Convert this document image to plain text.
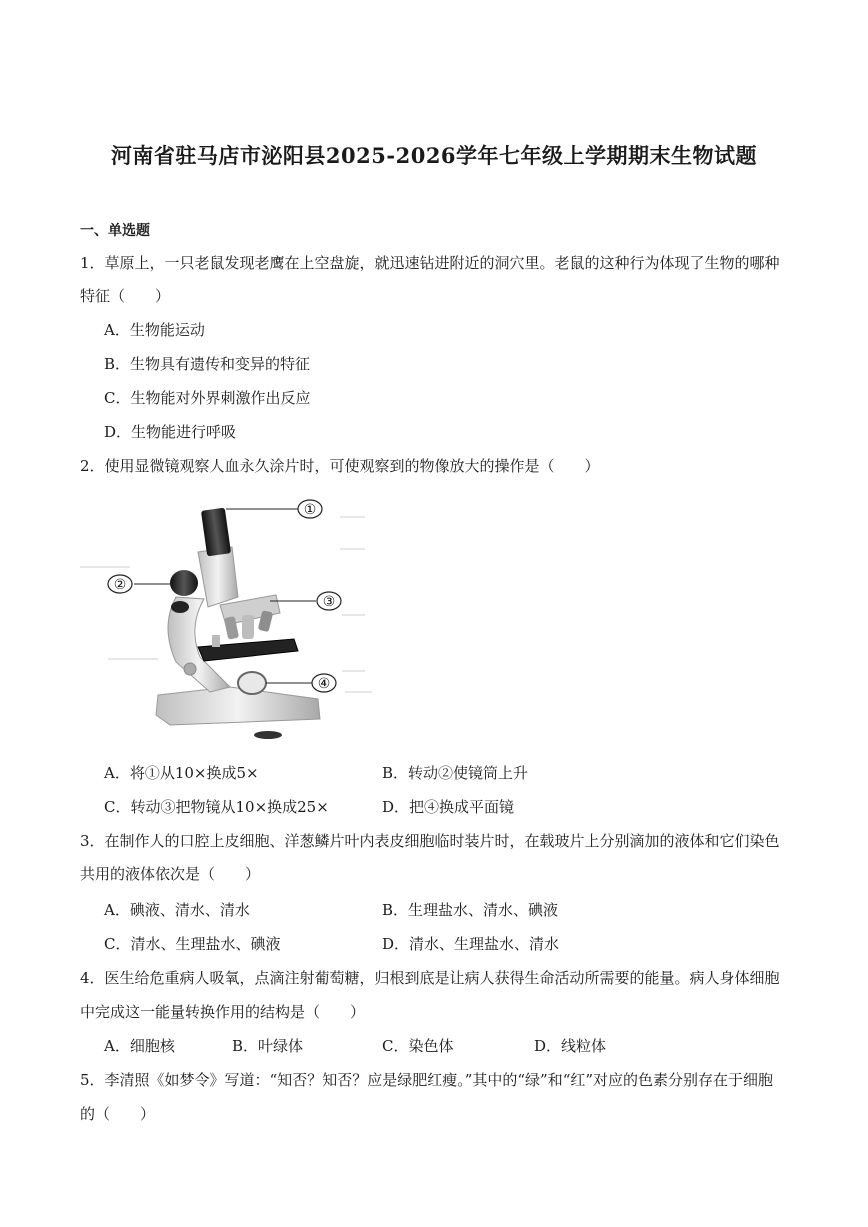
河南省驻马店市泌阳县2025-2026学年七年级上学期期末生物试题
一、单选题
1．草原上，一只老鼠发现老鹰在上空盘旋，就迅速钻进附近的洞穴里。老鼠的这种行为体现了生物的哪种
特征（　　）
A．生物能运动
B．生物具有遗传和变异的特征
C．生物能对外界刺激作出反应
D．生物能进行呼吸
2．使用显微镜观察人血永久涂片时，可使观察到的物像放大的操作是（　　）
①
②
③
④
A．将①从10×换成5×	B．转动②使镜筒上升
C．转动③把物镜从10×换成25×	D．把④换成平面镜
3．在制作人的口腔上皮细胞、洋葱鳞片叶内表皮细胞临时装片时，在载玻片上分别滴加的液体和它们染色
共用的液体依次是（　　）
A．碘液、清水、清水	B．生理盐水、清水、碘液
C．清水、生理盐水、碘液	D．清水、生理盐水、清水
4．医生给危重病人吸氧，点滴注射葡萄糖，归根到底是让病人获得生命活动所需要的能量。病人身体细胞
中完成这一能量转换作用的结构是（　　）
A．细胞核	B．叶绿体	C．染色体	D．线粒体
5．李清照《如梦令》写道：“知否？知否？应是绿肥红瘦。”其中的“绿”和“红”对应的色素分别存在于细胞
的（　　）
